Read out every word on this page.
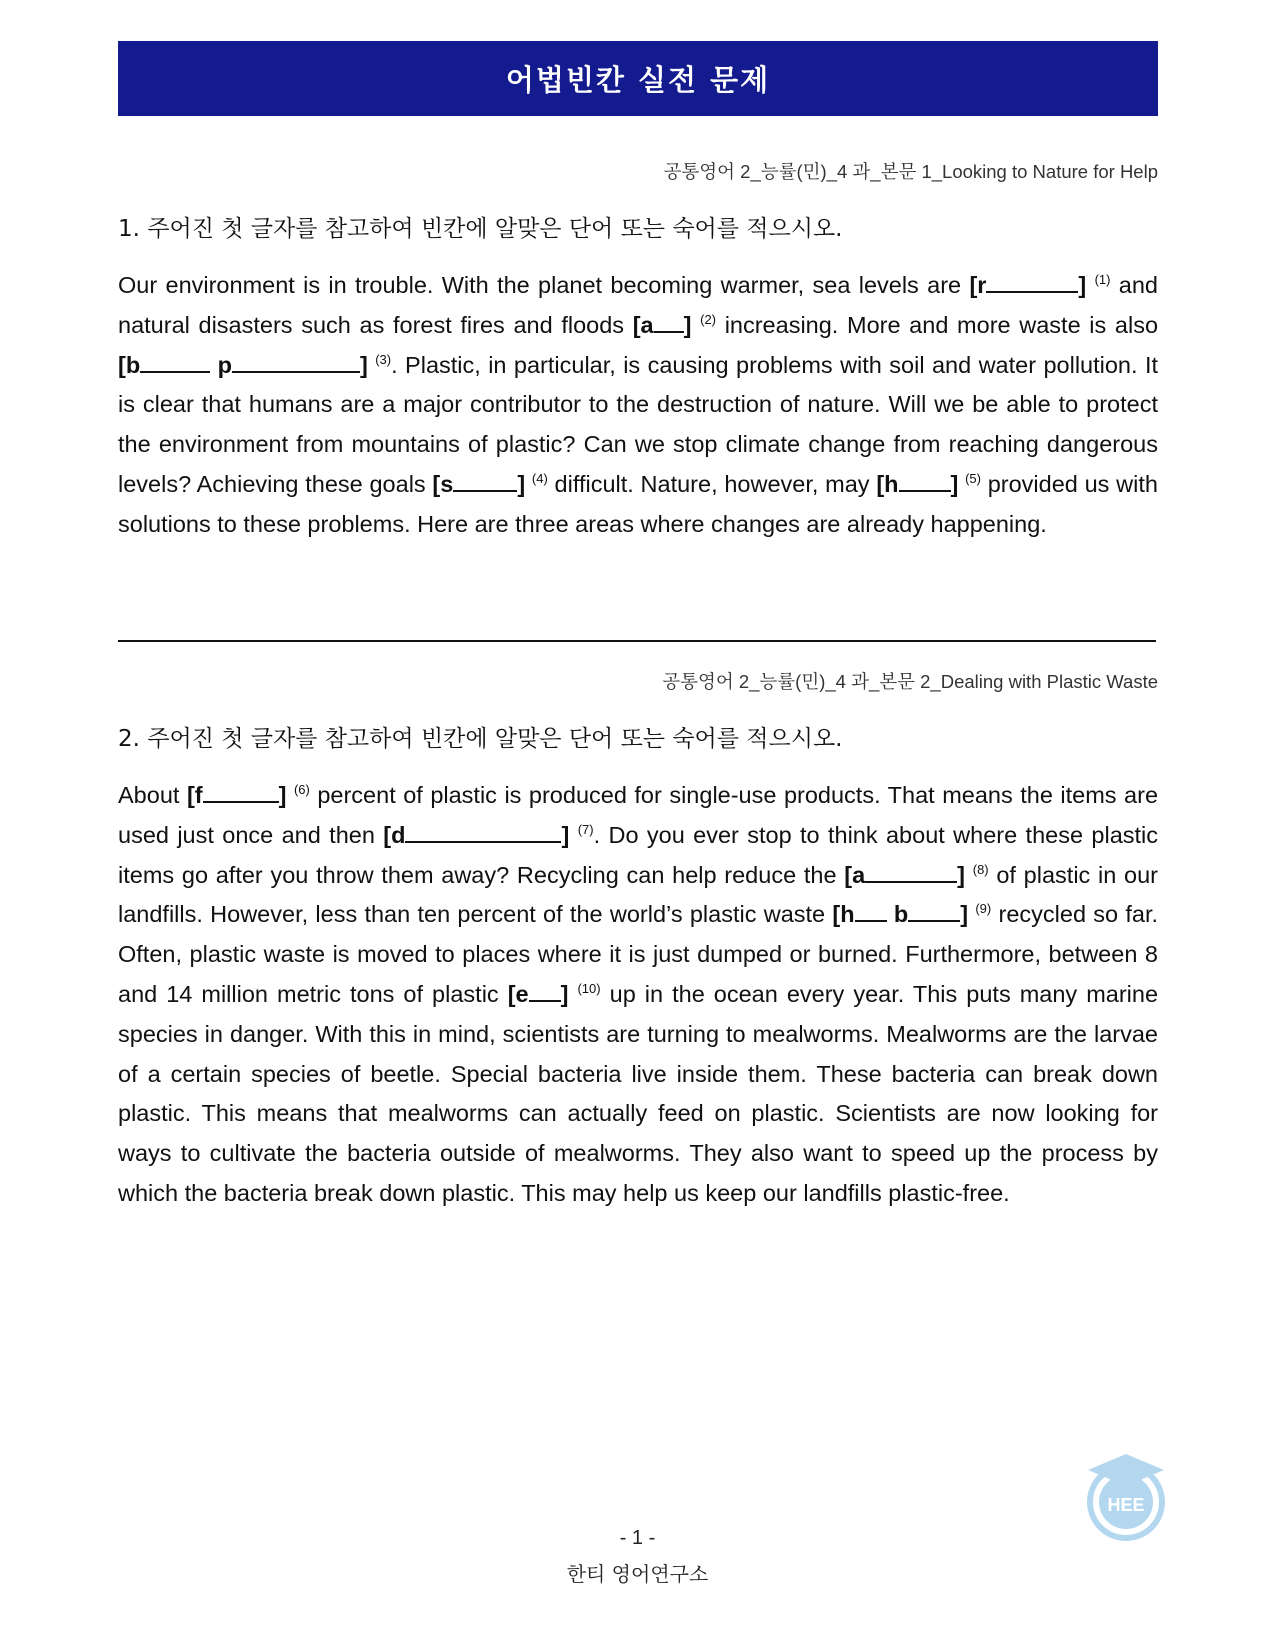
어법빈칸 실전 문제
공통영어 2_능률(민)_4 과_본문 1_Looking to Nature for Help
1. 주어진 첫 글자를 참고하여 빈칸에 알맞은 단어 또는 숙어를 적으시오.
Our environment is in trouble. With the planet becoming warmer, sea levels are [r	] $^{(1)}$ and natural disasters such as forest fires and floods [a ] $^{(2)}$ increasing. More and more waste is also [b	p	] $^{(3)}$. Plastic, in particular, is causing problems with soil and water pollution. It is clear that humans are a major contributor to the destruction of nature. Will we be able to protect the environment from mountains of plastic? Can we stop climate change from reaching dangerous levels? Achieving these goals [s	] $^{(4)}$ difficult. Nature, however, may [h ] $^{(5)}$ provided us with solutions to these problems. Here are three areas where changes are already happening.
공통영어 2_능률(민)_4 과_본문 2_Dealing with Plastic Waste
2. 주어진 첫 글자를 참고하여 빈칸에 알맞은 단어 또는 숙어를 적으시오.
About [f	] $^{(6)}$ percent of plastic is produced for single-use products. That means the items are used just once and then [d	] $^{(7)}$. Do you ever stop to think about where these plastic items go after you throw them away? Recycling can help reduce the [a	] $^{(8)}$ of plastic in our landfills. However, less than ten percent of the world’s plastic waste [h b ] $^{(9)}$ recycled so far. Often, plastic waste is moved to places where it is just dumped or burned. Furthermore, between 8 and 14 million metric tons of plastic [e ] $^{(10)}$ up in the ocean every year. This puts many marine species in danger. With this in mind, scientists are turning to mealworms. Mealworms are the larvae of a certain species of beetle. Special bacteria live inside them. These bacteria can break down plastic. This means that mealworms can actually feed on plastic. Scientists are now looking for ways to cultivate the bacteria outside of mealworms. They also want to speed up the process by which the bacteria break down plastic. This may help us keep our landfills plastic-free.
- 1 -
한티 영어연구소
HEE
